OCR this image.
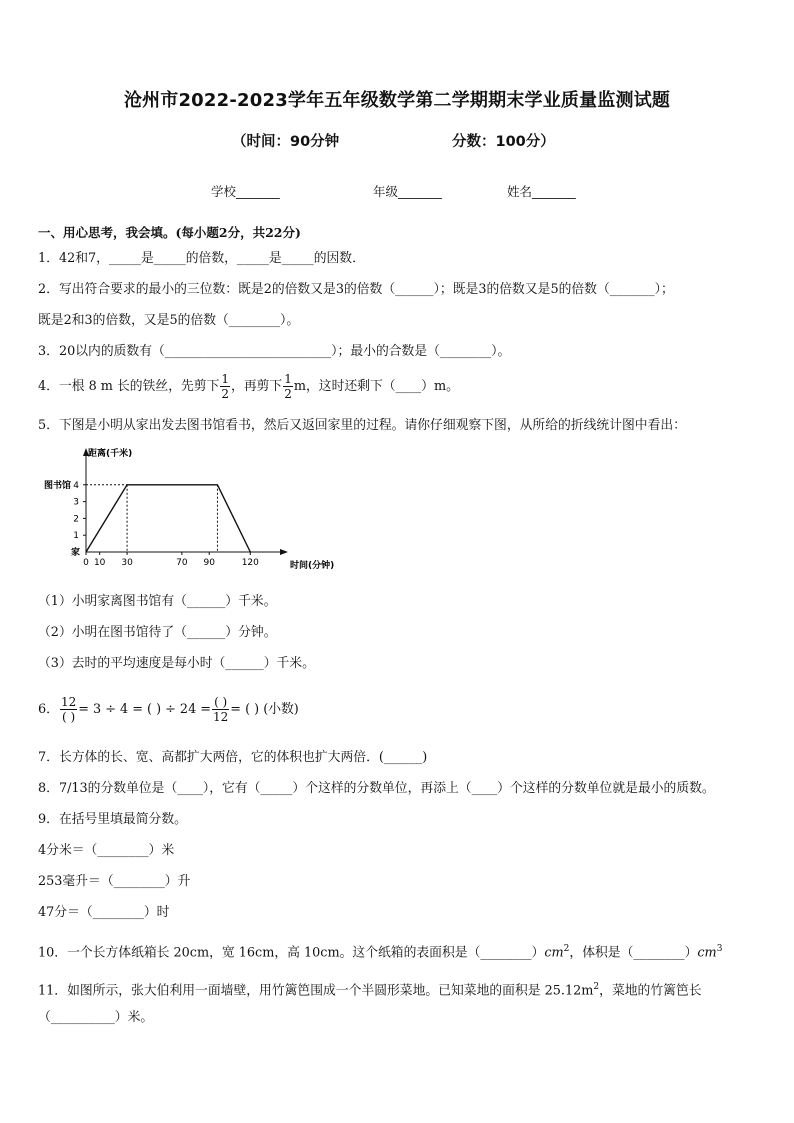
沧州市2022-2023学年五年级数学第二学期期末学业质量监测试题
（时间：90分钟	分数：100分）
学校_______	年级_______	姓名_______
一、用心思考，我会填。(每小题2分，共22分)
1．42和7，_____是_____的倍数，_____是_____的因数．
2．写出符合要求的最小的三位数：既是2的倍数又是3的倍数（______）；既是3的倍数又是5的倍数（_______）；
既是2和3的倍数，又是5的倍数（________）。
3．20以内的质数有（__________________________）；最小的合数是（________）。
4．一根 8 m 长的铁丝，先剪下 $\frac{1}{2}$ ，再剪下 $\frac{1}{2}$ m，这时还剩下（____）m。
5．下图是小明从家出发去图书馆看书，然后又返回家里的过程。请你仔细观察下图，从所给的折线统计图中看出：
距离(千米)
时间(分钟)
1
2
3
4
图书馆
家
0 10 30	70 90	120
（1）小明家离图书馆有（______）千米。
（2）小明在图书馆待了（______）分钟。
（3）去时的平均速度是每小时（______）千米。
6． $\frac{12}{( )} = 3 \div 4$ = ( ) ÷ $24 = \frac{( )}{12}$ = ( ) (小数)
7．长方体的长、宽、高都扩大两倍，它的体积也扩大两倍．(______)
8．7/13的分数单位是（____），它有（_____）个这样的分数单位，再添上（____）个这样的分数单位就是最小的质数。
9．在括号里填最简分数。
4分米＝（________）米
253毫升＝（________）升
47分＝（________）时
10．一个长方体纸箱长 20cm，宽 16cm，高 10cm。这个纸箱的表面积是$(\_\_\_\_\_\_\_\_)cm^2$，体积是$(\_\_\_\_\_\_\_\_)cm^3$
11．如图所示，张大伯利用一面墙壁，用竹篱笆围成一个半圆形菜地。已知菜地的面积是 $25.12m^2$，菜地的竹篱笆长
（__________）米。
